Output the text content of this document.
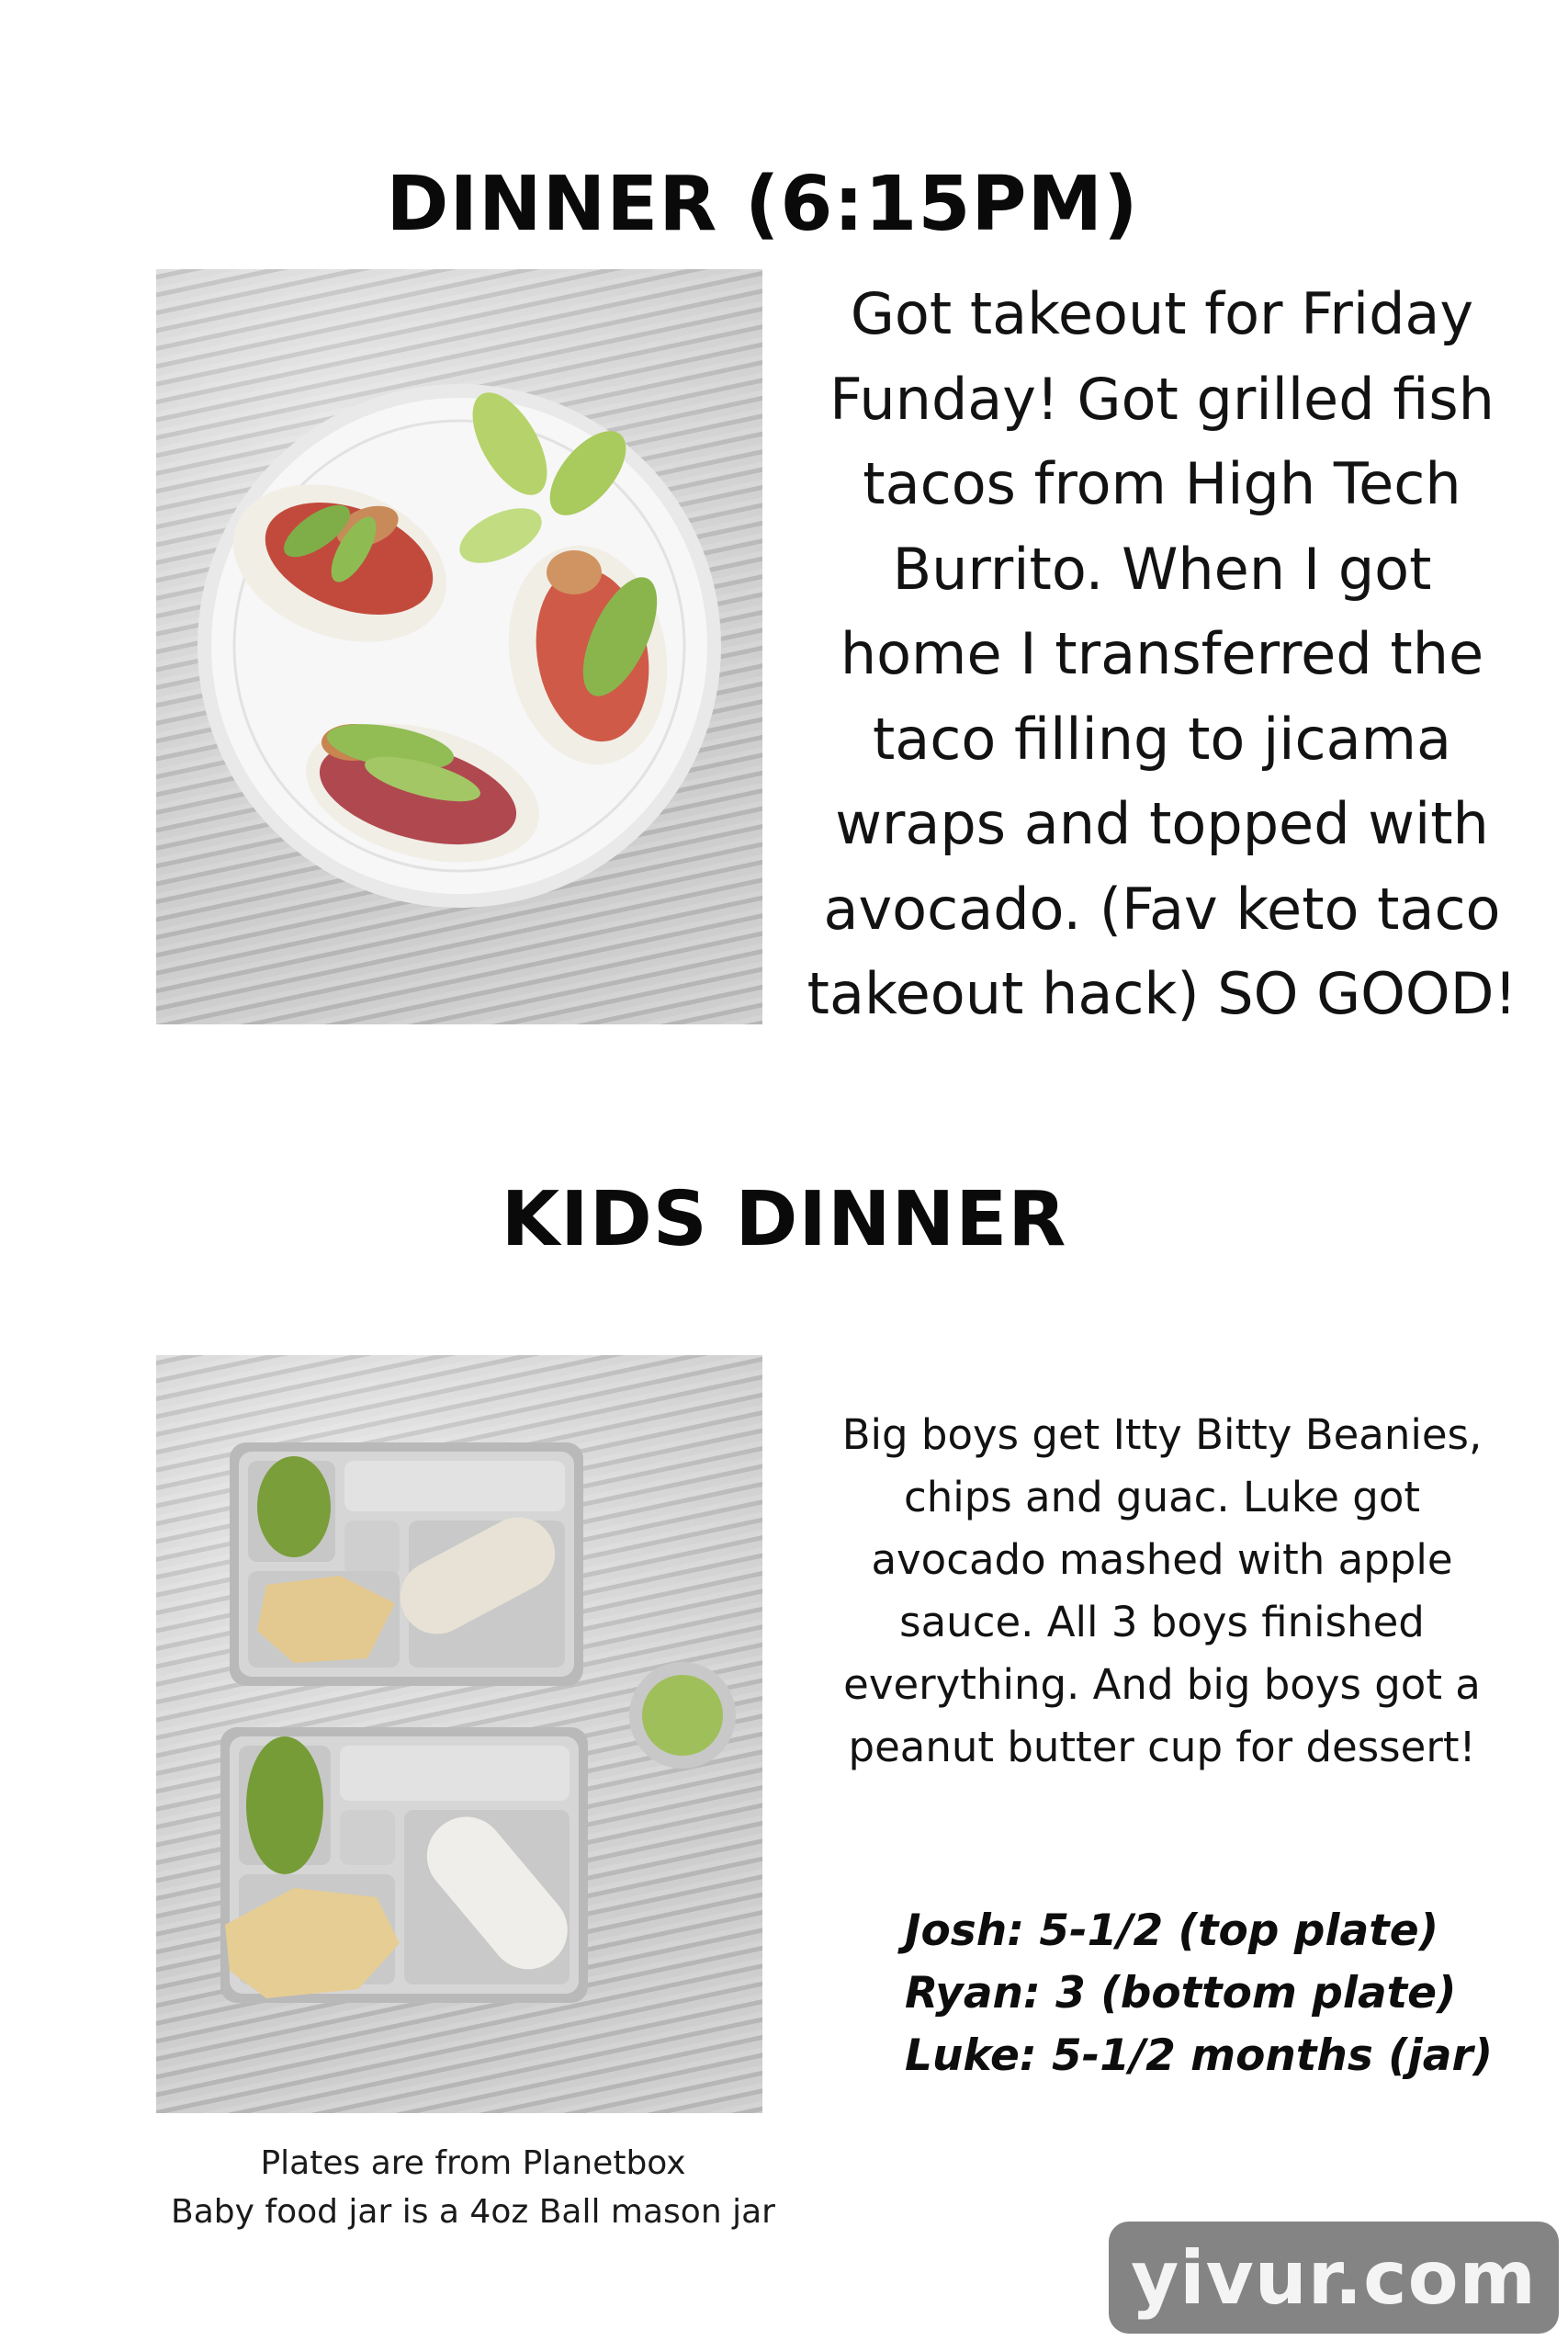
DINNER (6:15PM)
Got takeout for Friday
Funday! Got grilled fish
tacos from High Tech
Burrito. When I got
home I transferred the
taco filling to jicama
wraps and topped with
avocado. (Fav keto taco
takeout hack) SO GOOD!
KIDS DINNER
Big boys get Itty Bitty Beanies,
chips and guac. Luke got
avocado mashed with apple
sauce. All 3 boys finished
everything. And big boys got a
peanut butter cup for dessert!
Josh: 5-1/2 (top plate)
Ryan: 3 (bottom plate)
Luke: 5-1/2 months (jar)
Plates are from Planetbox
Baby food jar is a 4oz Ball mason jar
yivur.com
